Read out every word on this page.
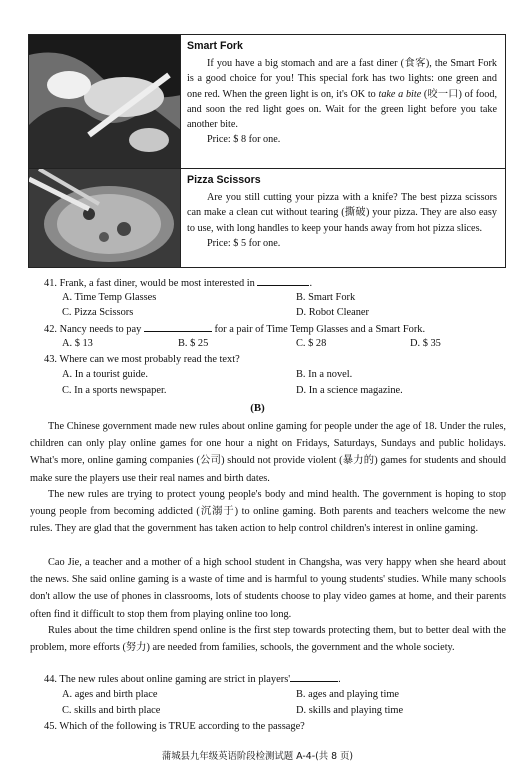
Smart Fork
If you have a big stomach and are a fast diner (食客), the Smart Fork is a good choice for you! This special fork has two lights: one green and one red. When the green light is on, it's OK to take a bite (咬一口) of food, and soon the red light goes on. Wait for the green light before you take another bite.
Price: $ 8 for one.
Pizza Scissors
Are you still cutting your pizza with a knife? The best pizza scissors can make a clean cut without tearing (撕破) your pizza. They are also easy to use, with long handles to keep your hands away from hot pizza slices.
Price: $ 5 for one.
41. Frank, a fast diner, would be most interested in	.
A. Time Temp Glasses	B. Smart Fork
C. Pizza Scissors	D. Robot Cleaner
42. Nancy needs to pay	for a pair of Time Temp Glasses and a Smart Fork.
A. $ 13	B. $ 25	C. $ 28	D. $ 35
43. Where can we most probably read the text?
A. In a tourist guide.	B. In a novel.
C. In a sports newspaper.	D. In a science magazine.
(B)
The Chinese government made new rules about online gaming for people under the age of 18. Under the rules, children can only play online games for one hour a night on Fridays, Saturdays, Sundays and public holidays. What's more, online gaming companies (公司) should not provide violent (暴力的) games for students and should make sure the players use their real names and birth dates.
The new rules are trying to protect young people's body and mind health. The government is hoping to stop young people from becoming addicted (沉溺于) to online gaming. Both parents and teachers welcome the new rules. They are glad that the government has taken action to help control children's interest in online gaming.
Cao Jie, a teacher and a mother of a high school student in Changsha, was very happy when she heard about the news. She said online gaming is a waste of time and is harmful to young students' studies. While many schools don't allow the use of phones in classrooms, lots of students choose to play video games at home, and their parents often find it difficult to stop them from playing online too long.
Rules about the time children spend online is the first step towards protecting them, but to better deal with the problem, more efforts (努力) are needed from families, schools, the government and the whole society.
44. The new rules about online gaming are strict in players'	.
A. ages and birth place	B. ages and playing time
C. skills and birth place	D. skills and playing time
45. Which of the following is TRUE according to the passage?
蒲城县九年级英语阶段检测试题 A-4-(共 8 页)
